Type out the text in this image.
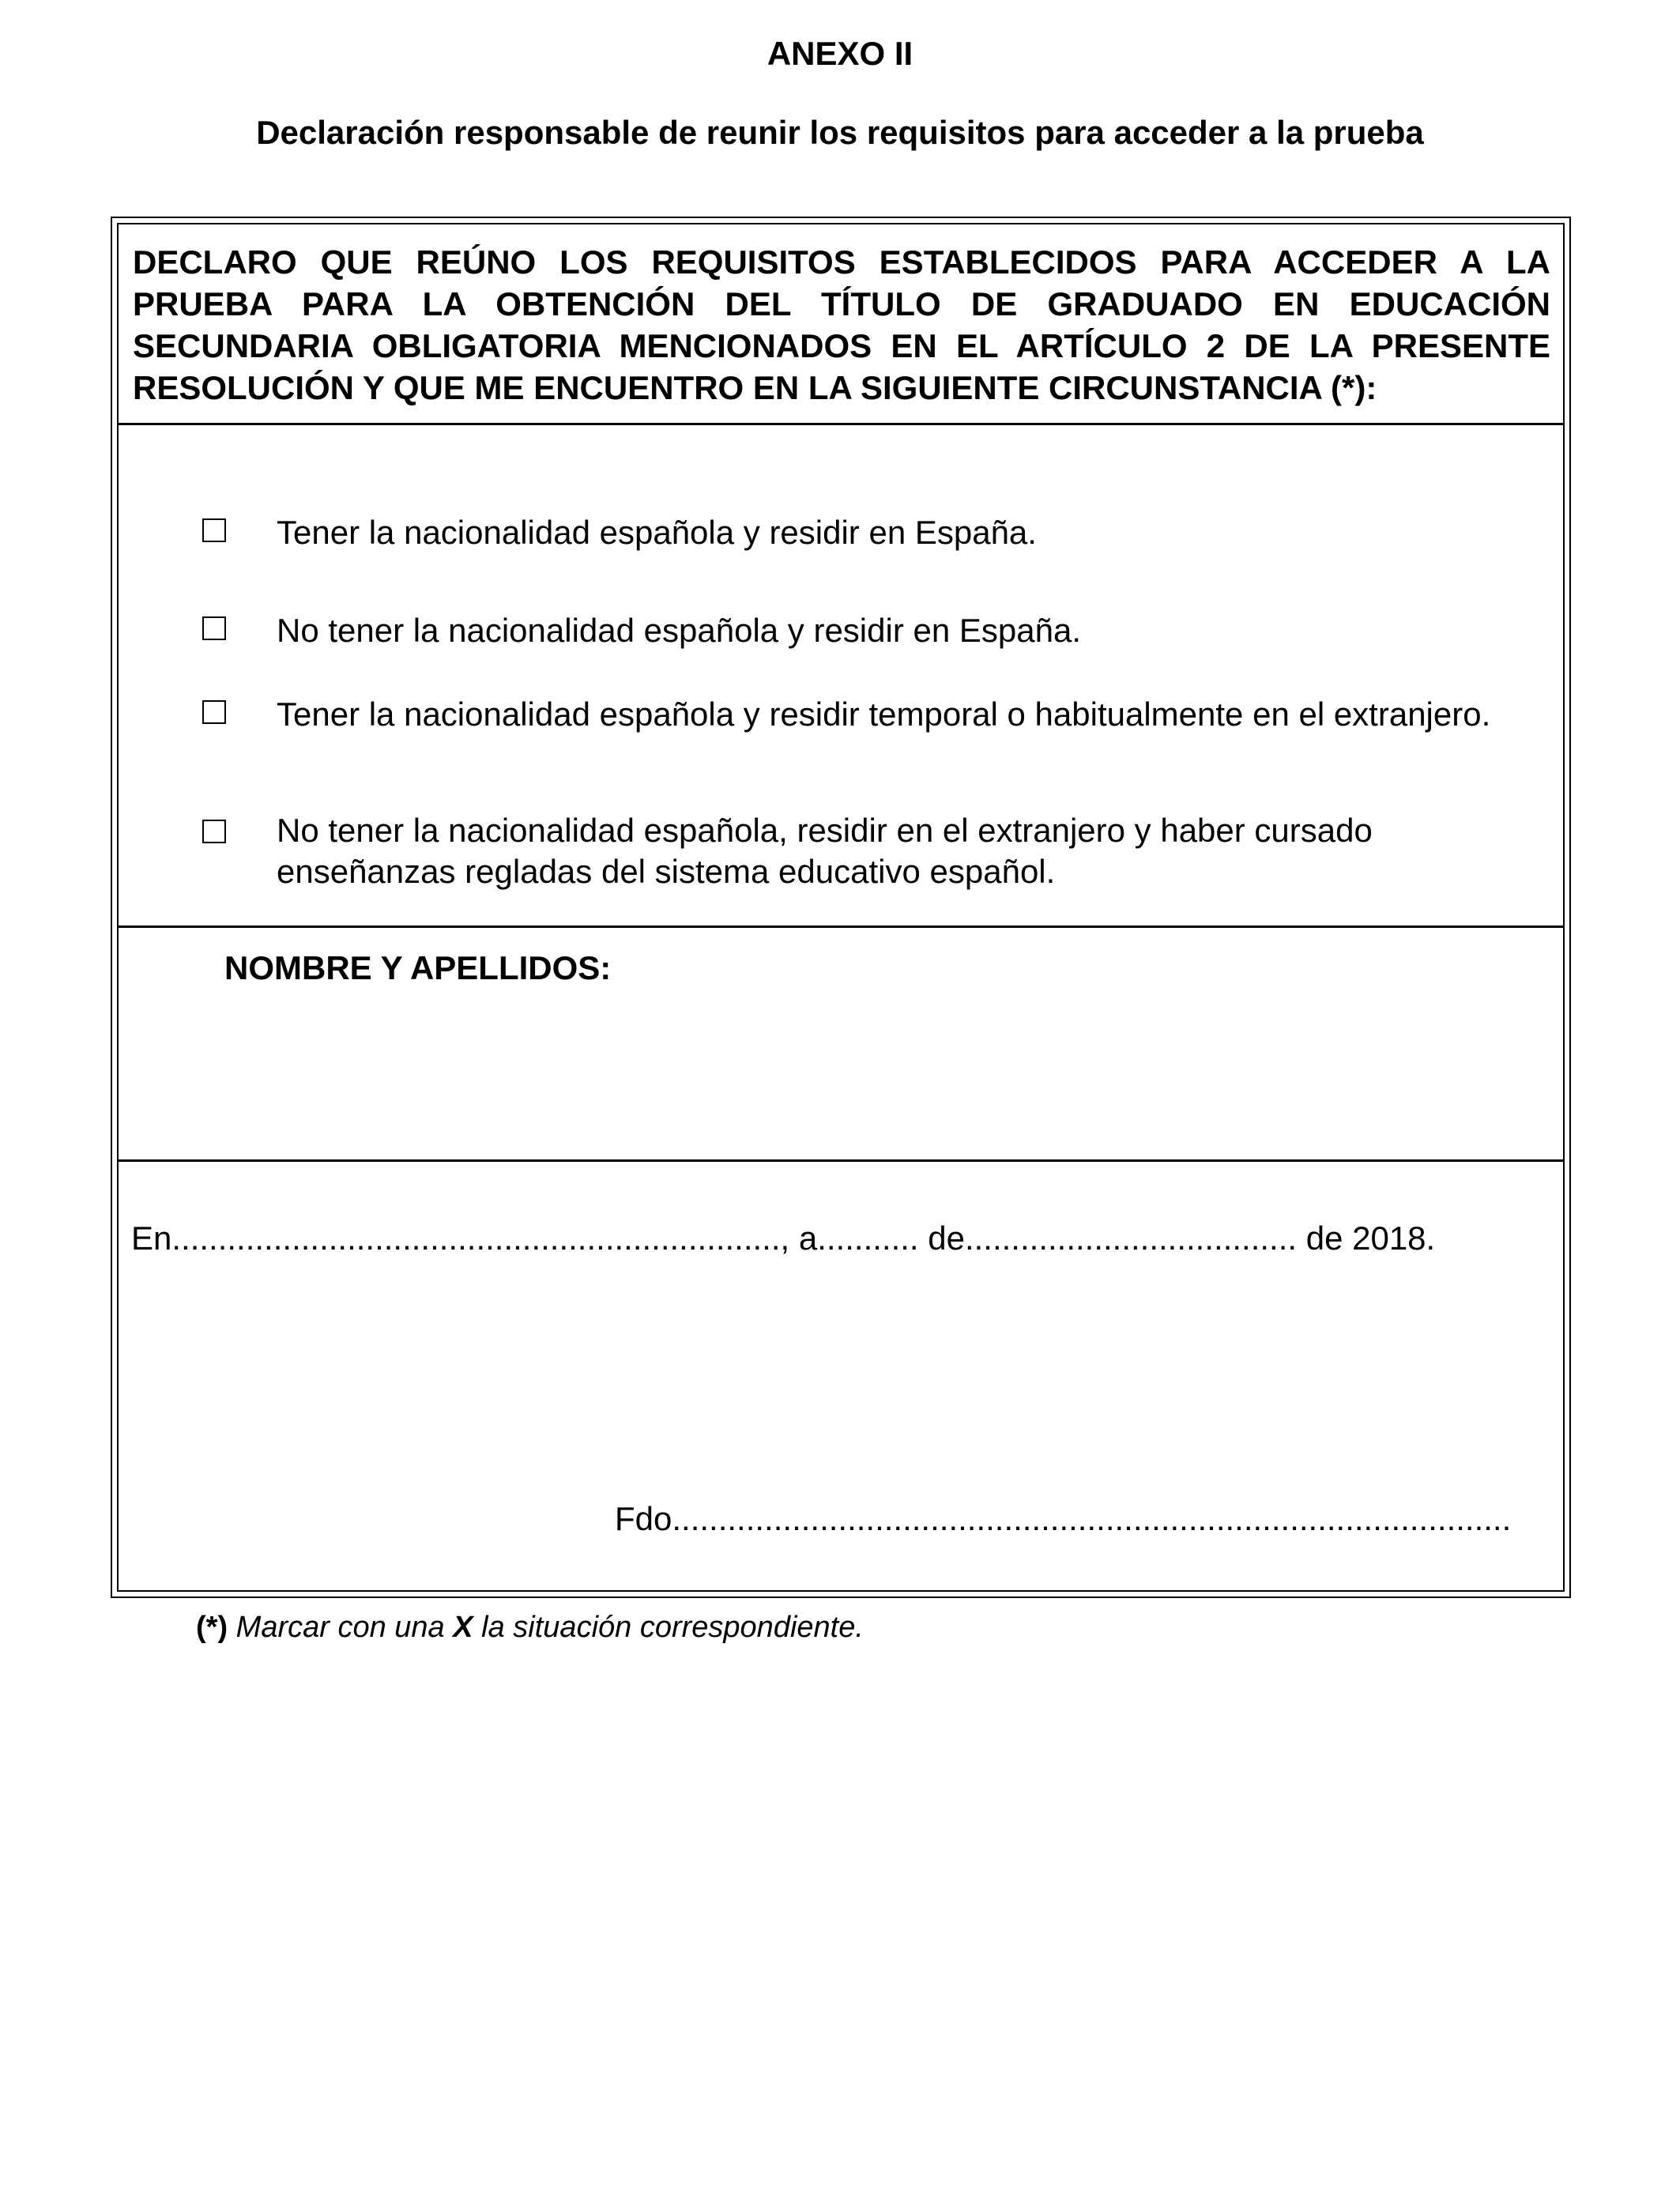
ANEXO II
Declaración responsable de reunir los requisitos para acceder a la prueba
DECLARO QUE REÚNO LOS REQUISITOS ESTABLECIDOS PARA ACCEDER A LA PRUEBA PARA LA OBTENCIÓN DEL TÍTULO DE GRADUADO EN EDUCACIÓN SECUNDARIA OBLIGATORIA MENCIONADOS EN EL ARTÍCULO 2 DE LA PRESENTE RESOLUCIÓN Y QUE ME ENCUENTRO EN LA SIGUIENTE CIRCUNSTANCIA (*):
Tener la nacionalidad española y residir en España.
No tener la nacionalidad española y residir en España.
Tener la nacionalidad española y residir temporal o habitualmente en el extranjero.
No tener la nacionalidad española, residir en el extranjero y haber cursado enseñanzas regladas del sistema educativo español.
NOMBRE Y APELLIDOS:
En.................................................................., a........... de.................................... de 2018.
Fdo...........................................................................................
(*) Marcar con una X la situación correspondiente.
